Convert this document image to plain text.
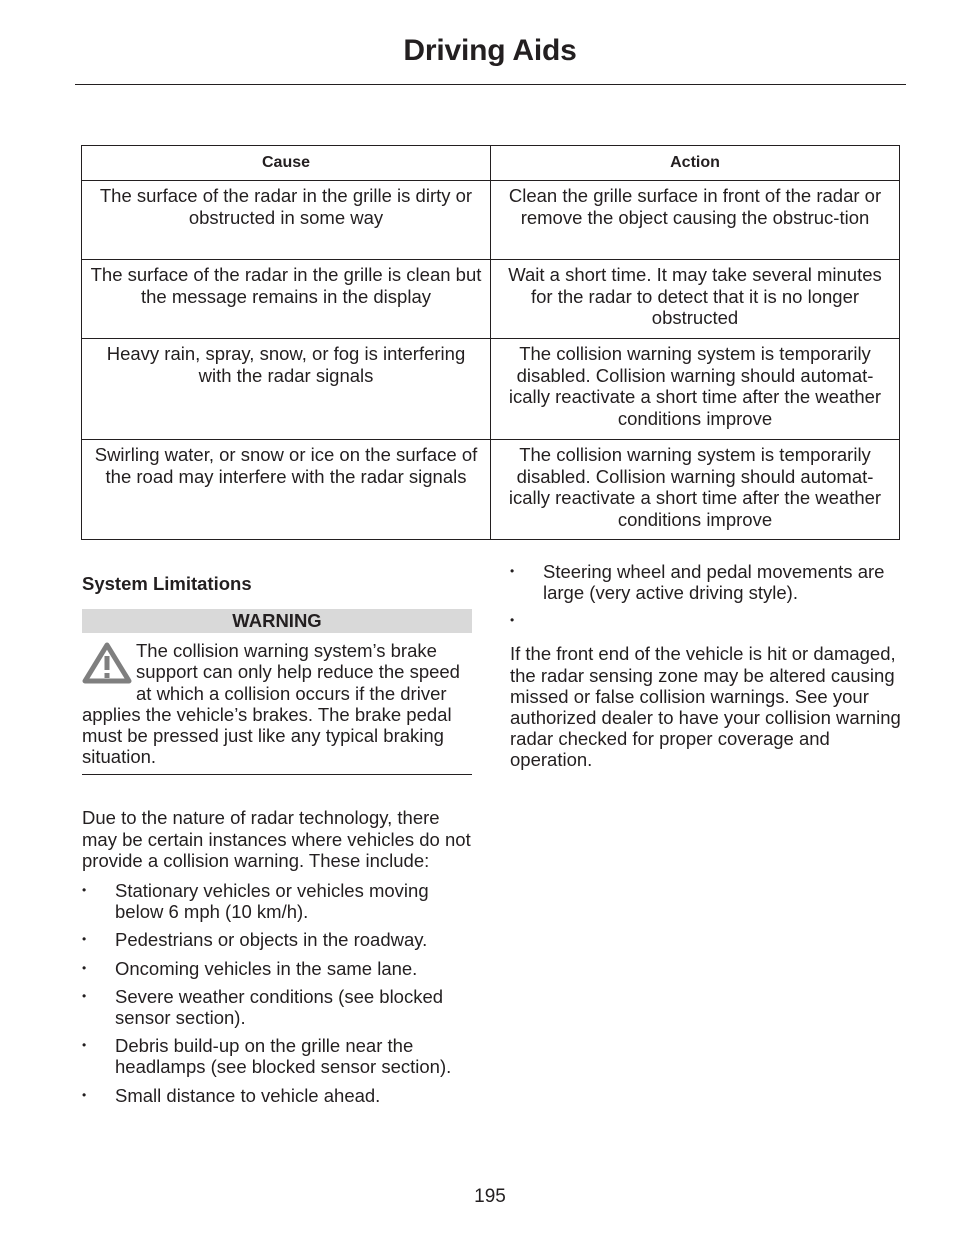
Driving Aids
Cause	Action
The surface of the radar in the grille is dirty or obstructed in some way	Clean the grille surface in front of the radar or remove the object causing the obstruc-tion
The surface of the radar in the grille is clean but the message remains in the display	Wait a short time. It may take several minutes for the radar to detect that it is no longer obstructed
Heavy rain, spray, snow, or fog is interfering with the radar signals	The collision warning system is temporarily disabled. Collision warning should automat-ically reactivate a short time after the weather conditions improve
Swirling water, or snow or ice on the surface of the road may interfere with the radar signals	The collision warning system is temporarily disabled. Collision warning should automat-ically reactivate a short time after the weather conditions improve
System Limitations
WARNING

The collision warning system’s brake support can only help reduce the speed at which a collision occurs if the driver applies the vehicle’s brakes. The brake pedal must be pressed just like any typical braking situation.

Due to the nature of radar technology, there may be certain instances where vehicles do not provide a collision warning. These include:

•	Stationary vehicles or vehicles moving below 6 mph (10 km/h).
•	Pedestrians or objects in the roadway.
•	Oncoming vehicles in the same lane.
•	Severe weather conditions (see blocked sensor section).
•	Debris build-up on the grille near the headlamps (see blocked sensor section).
•	Small distance to vehicle ahead.
•	Steering wheel and pedal movements are large (very active driving style).
•

If the front end of the vehicle is hit or damaged, the radar sensing zone may be altered causing missed or false collision warnings. See your authorized dealer to have your collision warning radar checked for proper coverage and operation.

195
